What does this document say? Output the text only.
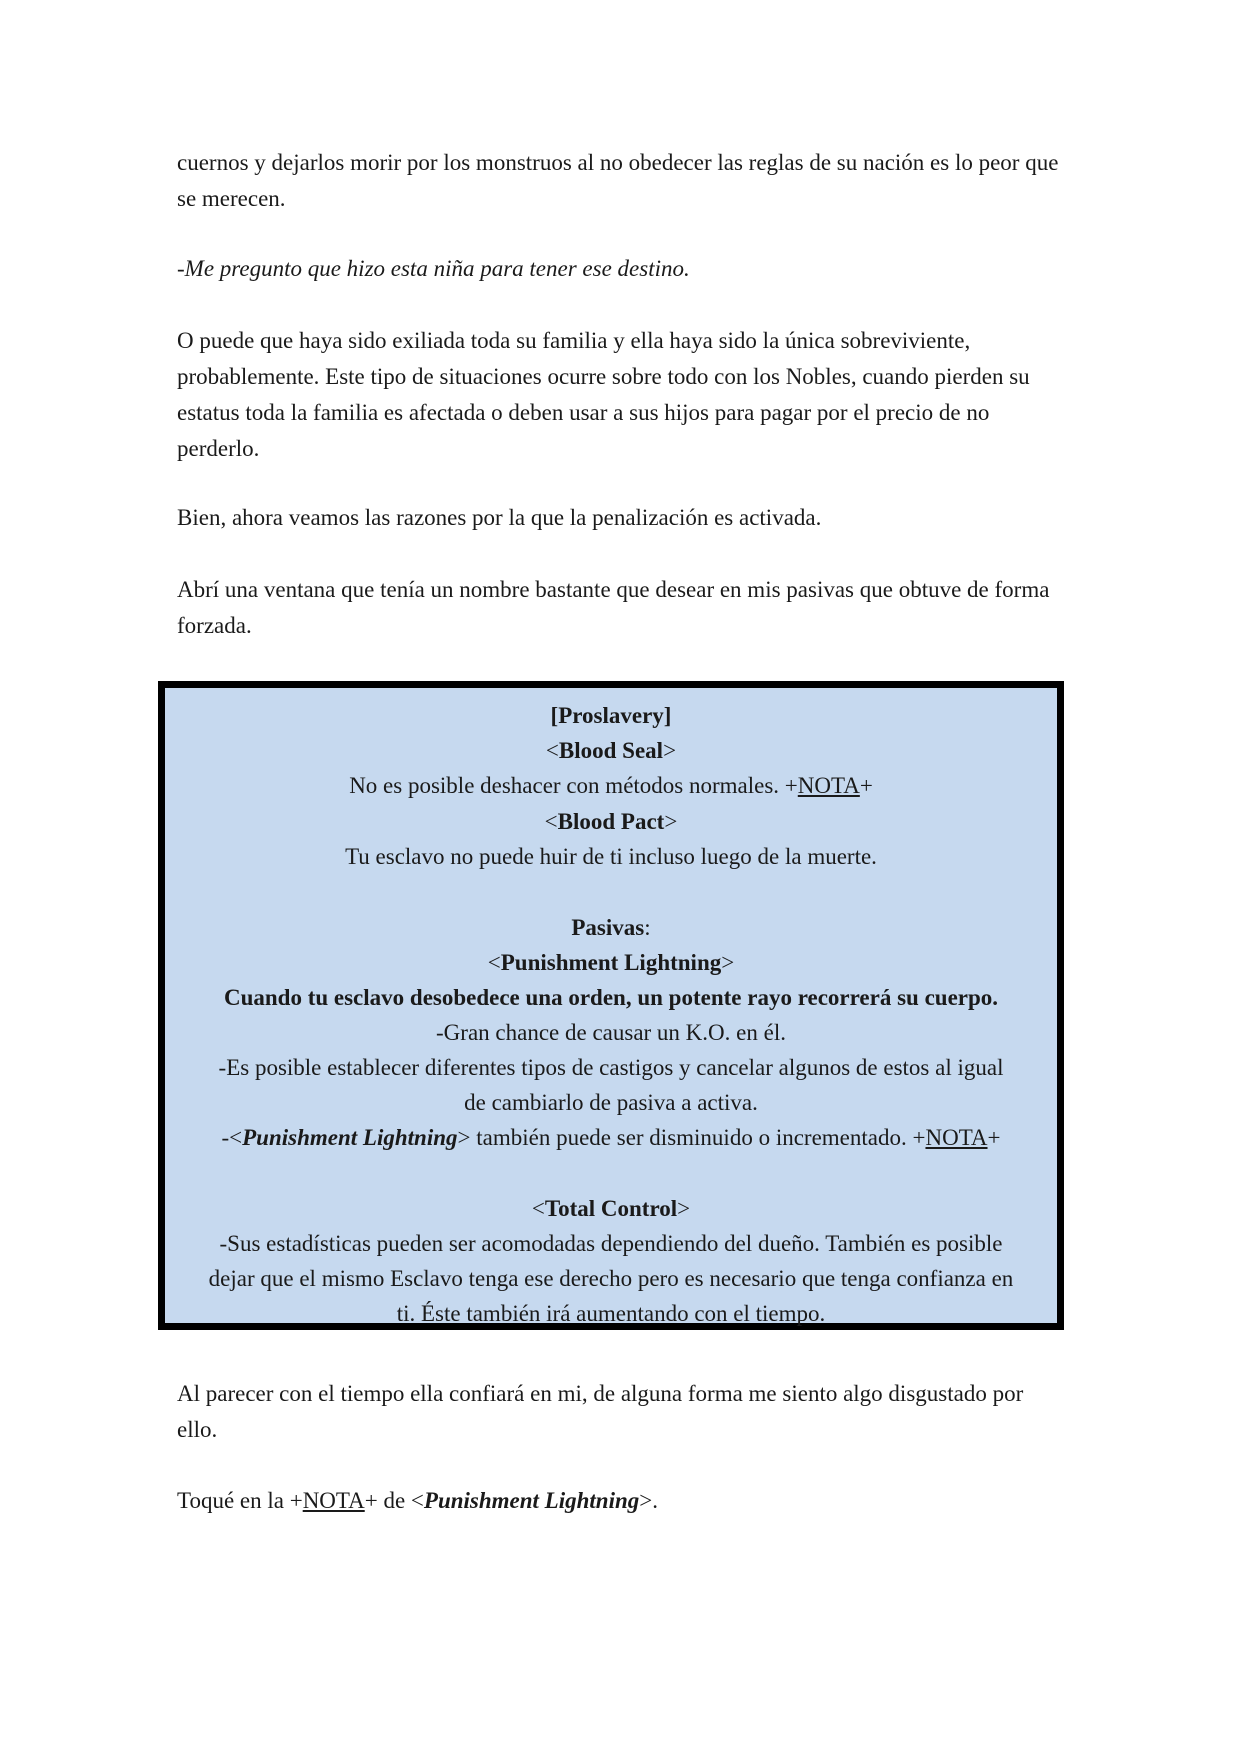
cuernos y dejarlos morir por los monstruos al no obedecer las reglas de su nación es lo peor que se merecen.

-Me pregunto que hizo esta niña para tener ese destino.

O puede que haya sido exiliada toda su familia y ella haya sido la única sobreviviente, probablemente. Este tipo de situaciones ocurre sobre todo con los Nobles, cuando pierden su estatus toda la familia es afectada o deben usar a sus hijos para pagar por el precio de no perderlo.

Bien, ahora veamos las razones por la que la penalización es activada.

Abrí una ventana que tenía un nombre bastante que desear en mis pasivas que obtuve de forma forzada.

Al parecer con el tiempo ella confiará en mi, de alguna forma me siento algo disgustado por ello.

Toqué en la +NOTA+ de <Punishment Lightning>.

[Proslavery]
<Blood Seal>
No es posible deshacer con métodos normales. +NOTA+
<Blood Pact>
Tu esclavo no puede huir de ti incluso luego de la muerte.
Pasivas:
<Punishment Lightning>
Cuando tu esclavo desobedece una orden, un potente rayo recorrerá su cuerpo.
-Gran chance de causar un K.O. en él.
-Es posible establecer diferentes tipos de castigos y cancelar algunos de estos al igual
de cambiarlo de pasiva a activa.
-<Punishment Lightning> también puede ser disminuido o incrementado. +NOTA+
<Total Control>
-Sus estadísticas pueden ser acomodadas dependiendo del dueño. También es posible
dejar que el mismo Esclavo tenga ese derecho pero es necesario que tenga confianza en
ti. Éste también irá aumentando con el tiempo.
